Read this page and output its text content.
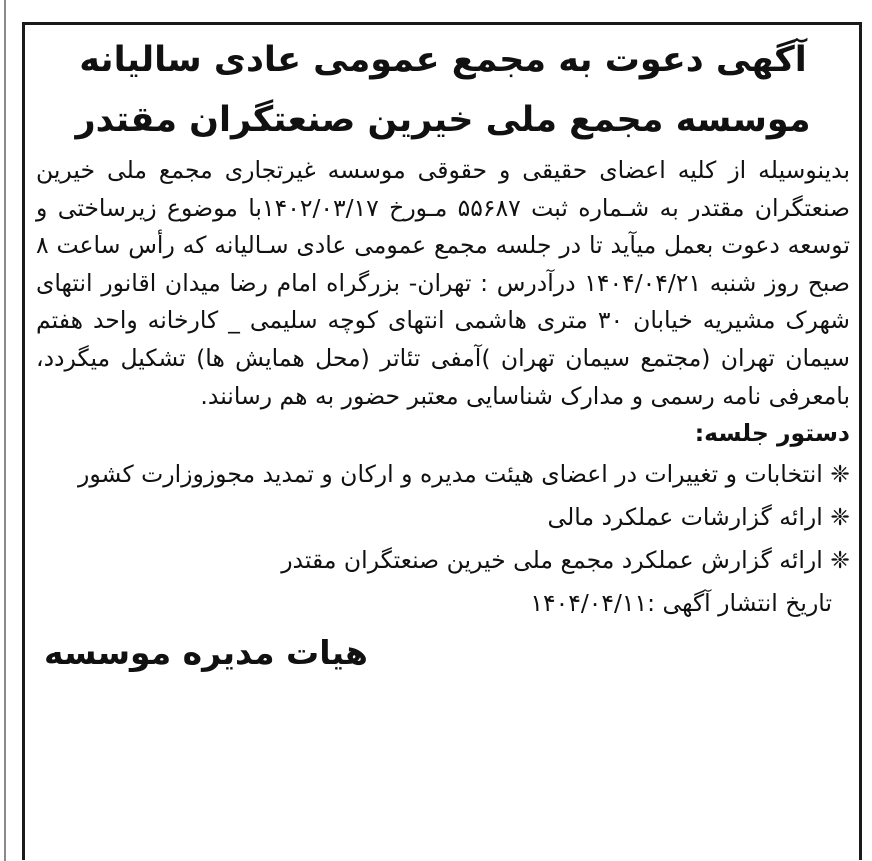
آگهی دعوت به مجمع عمومی عادی سالیانه
موسسه مجمع ملی خیرین صنعتگران مقتدر

بدینوسیله از کلیه اعضای حقیقی و حقوقی موسسه غیرتجاری مجمع ملی خیرین صنعتگران مقتدر به شـماره ثبت ۵۵۶۸۷ مـورخ ۱۴۰۲/۰۳/۱۷با موضوع زیرساختی و توسعه دعوت بعمل میآید تا در جلسه مجمع عمومی عادی سـالیانه که رأس ساعت ۸ صبح روز شنبه ۱۴۰۴/۰۴/۲۱ درآدرس : تهران- بزرگراه امام رضا میدان اقانور انتهای شهرک مشیریه خیابان ۳۰ متری هاشمی انتهای کوچه سلیمی _ کارخانه واحد هفتم سیمان تهران (مجتمع سیمان تهران )آمفی تئاتر (محل همایش ها) تشکیل میگردد، بامعرفی نامه رسمی و مدارک شناسایی معتبر حضور به هم رسانند.

دستور جلسه:

❈ انتخابات و تغییرات در اعضای هیئت مدیره و ارکان و تمدید مجوزوزارت کشور
❈ ارائه گزارشات عملکرد مالی
❈ ارائه گزارش عملکرد مجمع ملی خیرین صنعتگران مقتدر

تاریخ انتشار آگهی :۱۴۰۴/۰۴/۱۱

هیات مدیره موسسه
